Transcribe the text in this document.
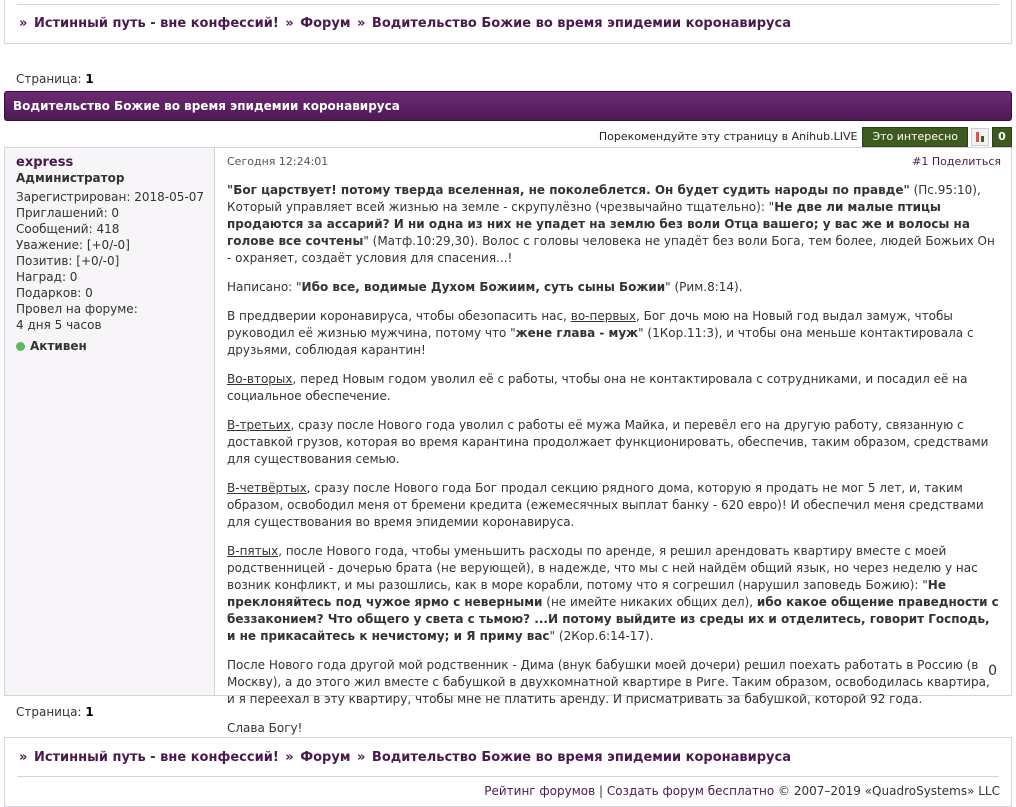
» Истинный путь - вне конфессий! » Форум » Водительство Божие во время эпидемии коронавируса
Страница: 1
Водительство Божие во время эпидемии коронавируса
Порекомендуйте эту страницу в Anihub.LIVE	Это интересно	0
express
Администратор
Зарегистрирован: 2018-05-07
Приглашений: 0
Сообщений: 418
Уважение: [+0/-0]
Позитив: [+0/-0]
Наград: 0
Подарков: 0
Провел на форуме:
4 дня 5 часов
Активен
Сегодня 12:24:01	#1 Поделиться

"Бог царствует! потому тверда вселенная, не поколеблется. Он будет судить народы по правде" (Пс.95:10), Который управляет всей жизнью на земле - скрупулёзно (чрезвычайно тщательно): "Не две ли малые птицы продаются за ассарий? И ни одна из них не упадет на землю без воли Отца вашего; у вас же и волосы на голове все сочтены" (Матф.10:29,30). Волос с головы человека не упадёт без воли Бога, тем более, людей Божьих Он - охраняет, создаёт условия для спасения...!

Написано: "Ибо все, водимые Духом Божиим, суть сыны Божии" (Рим.8:14).

В преддверии коронавируса, чтобы обезопасить нас, во-первых, Бог дочь мою на Новый год выдал замуж, чтобы руководил её жизнью мужчина, потому что "жене глава - муж" (1Кор.11:3), и чтобы она меньше контактировала с друзьями, соблюдая карантин!

Во-вторых, перед Новым годом уволил её с работы, чтобы она не контактировала с сотрудниками, и посадил её на социальное обеспечение.

В-третьих, сразу после Нового года уволил с работы её мужа Майка, и перевёл его на другую работу, связанную с доставкой грузов, которая во время карантина продолжает функционировать, обеспечив, таким образом, средствами для существования семью.

В-четвёртых, сразу после Нового года Бог продал секцию рядного дома, которую я продать не мог 5 лет, и, таким образом, освободил меня от бремени кредита (ежемесячных выплат банку - 620 евро)! И обеспечил меня средствами для существования во время эпидемии коронавируса.

В-пятых, после Нового года, чтобы уменьшить расходы по аренде, я решил арендовать квартиру вместе с моей родственницей - дочерью брата (не верующей), в надежде, что мы с ней найдём общий язык, но через неделю у нас возник конфликт, и мы разошлись, как в море корабли, потому что я согрешил (нарушил заповедь Божию): "Не преклоняйтесь под чужое ярмо с неверными (не имейте никаких общих дел), ибо какое общение праведности с беззаконием? Что общего у света с тьмою? ...И потому выйдите из среды их и отделитесь, говорит Господь, и не прикасайтесь к нечистому; и Я приму вас" (2Кор.6:14-17).

После Нового года другой мой родственник - Дима (внук бабушки моей дочери) решил поехать работать в Россию (в Москву), а до этого жил вместе с бабушкой в двухкомнатной квартире в Риге. Таким образом, освободилась квартира, и я переехал в эту квартиру, чтобы мне не платить аренду. И присматривать за бабушкой, которой 92 года.

Слава Богу!

0
Страница: 1
» Истинный путь - вне конфессий! » Форум » Водительство Божие во время эпидемии коронавируса
Рейтинг форумов | Создать форум бесплатно © 2007–2019 «QuadroSystems» LLC
